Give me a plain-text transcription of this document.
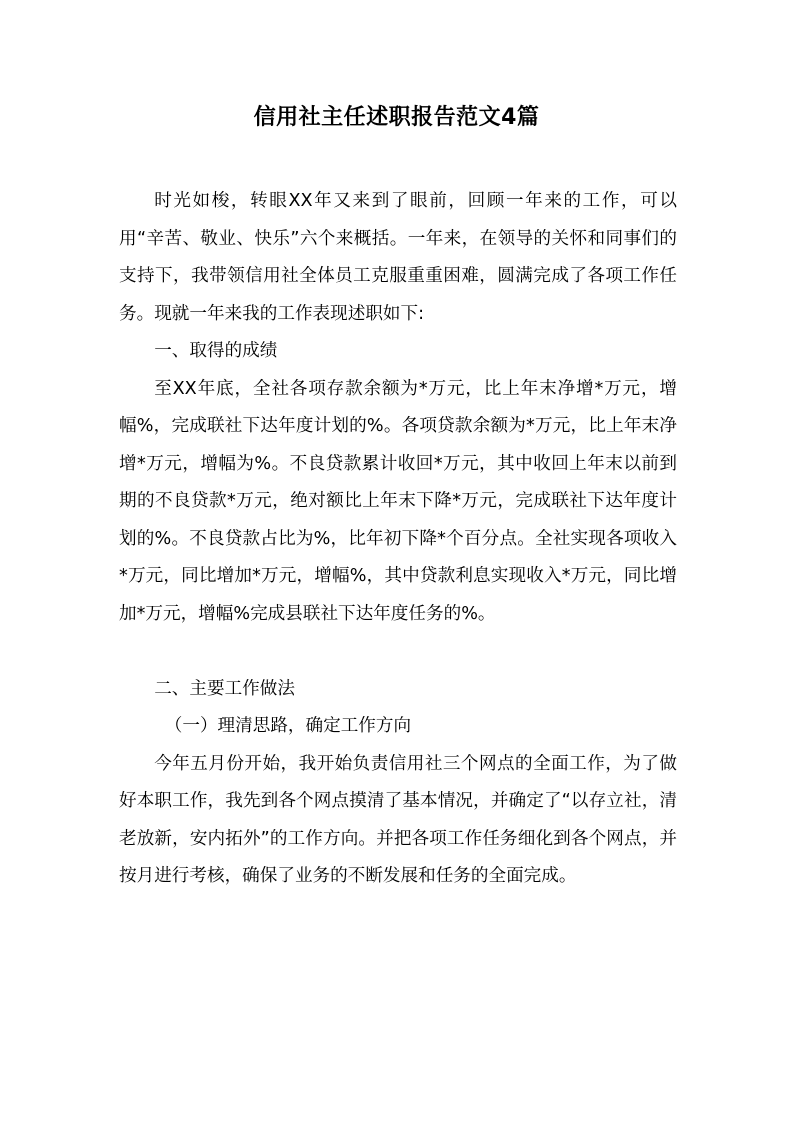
信用社主任述职报告范文4篇

时光如梭，转眼XX年又来到了眼前，回顾一年来的工作，可以用“辛苦、敬业、快乐”六个来概括。一年来，在领导的关怀和同事们的支持下，我带领信用社全体员工克服重重困难，圆满完成了各项工作任务。现就一年来我的工作表现述职如下:

一、取得的成绩

至XX年底，全社各项存款余额为*万元，比上年末净增*万元，增幅%，完成联社下达年度计划的%。各项贷款余额为*万元，比上年末净增*万元，增幅为%。不良贷款累计收回*万元，其中收回上年末以前到期的不良贷款*万元，绝对额比上年末下降*万元，完成联社下达年度计划的%。不良贷款占比为%，比年初下降*个百分点。全社实现各项收入*万元，同比增加*万元，增幅%，其中贷款利息实现收入*万元，同比增加*万元，增幅%完成县联社下达年度任务的%。

二、主要工作做法

（一）理清思路，确定工作方向

今年五月份开始，我开始负责信用社三个网点的全面工作，为了做好本职工作，我先到各个网点摸清了基本情况，并确定了“以存立社，清老放新，安内拓外”的工作方向。并把各项工作任务细化到各个网点，并按月进行考核，确保了业务的不断发展和任务的全面完成。
